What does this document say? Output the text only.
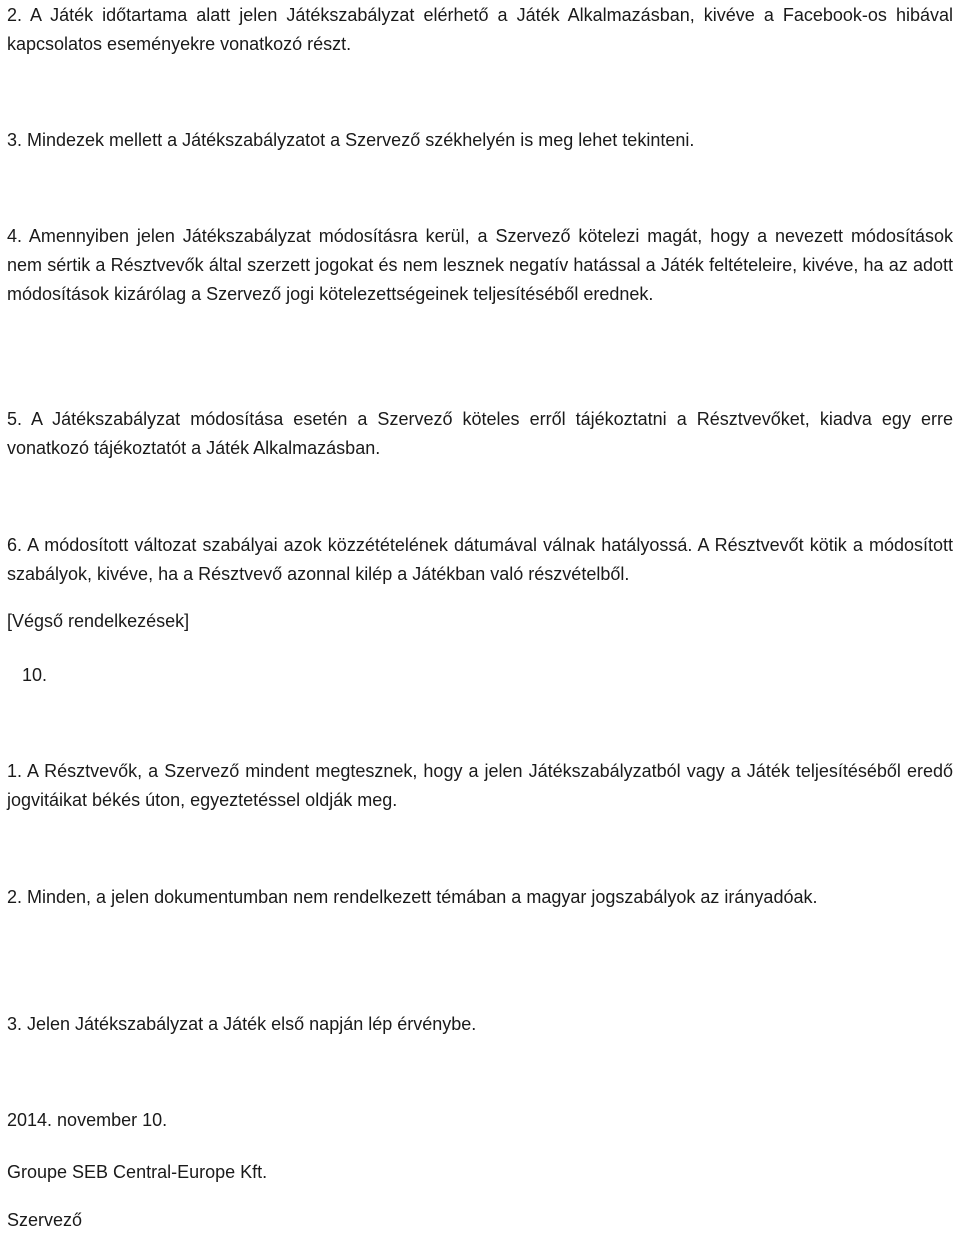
2. A Játék időtartama alatt jelen Játékszabályzat elérhető a Játék Alkalmazásban, kivéve a Facebook-os hibával kapcsolatos eseményekre vonatkozó részt.

3. Mindezek mellett a Játékszabályzatot a Szervező székhelyén is meg lehet tekinteni.

4. Amennyiben jelen Játékszabályzat módosításra kerül, a Szervező kötelezi magát, hogy a nevezett módosítások nem sértik a Résztvevők által szerzett jogokat és nem lesznek negatív hatással a Játék feltételeire, kivéve, ha az adott módosítások kizárólag a Szervező jogi kötelezettségeinek teljesítéséből erednek.

5. A Játékszabályzat módosítása esetén a Szervező köteles erről tájékoztatni a Résztvevőket, kiadva egy erre vonatkozó tájékoztatót a Játék Alkalmazásban.

6. A módosított változat szabályai azok közzétételének dátumával válnak hatályossá. A Résztvevőt kötik a módosított szabályok, kivéve, ha a Résztvevő azonnal kilép a Játékban való részvételből.

[Végső rendelkezések]

10.

1. A Résztvevők, a Szervező mindent megtesznek, hogy a jelen Játékszabályzatból vagy a Játék teljesítéséből eredő jogvitáikat békés úton, egyeztetéssel oldják meg.

2. Minden, a jelen dokumentumban nem rendelkezett témában a magyar jogszabályok az irányadóak.

3. Jelen Játékszabályzat a Játék első napján lép érvénybe.

2014. november 10.

Groupe SEB Central-Europe Kft.

Szervező
